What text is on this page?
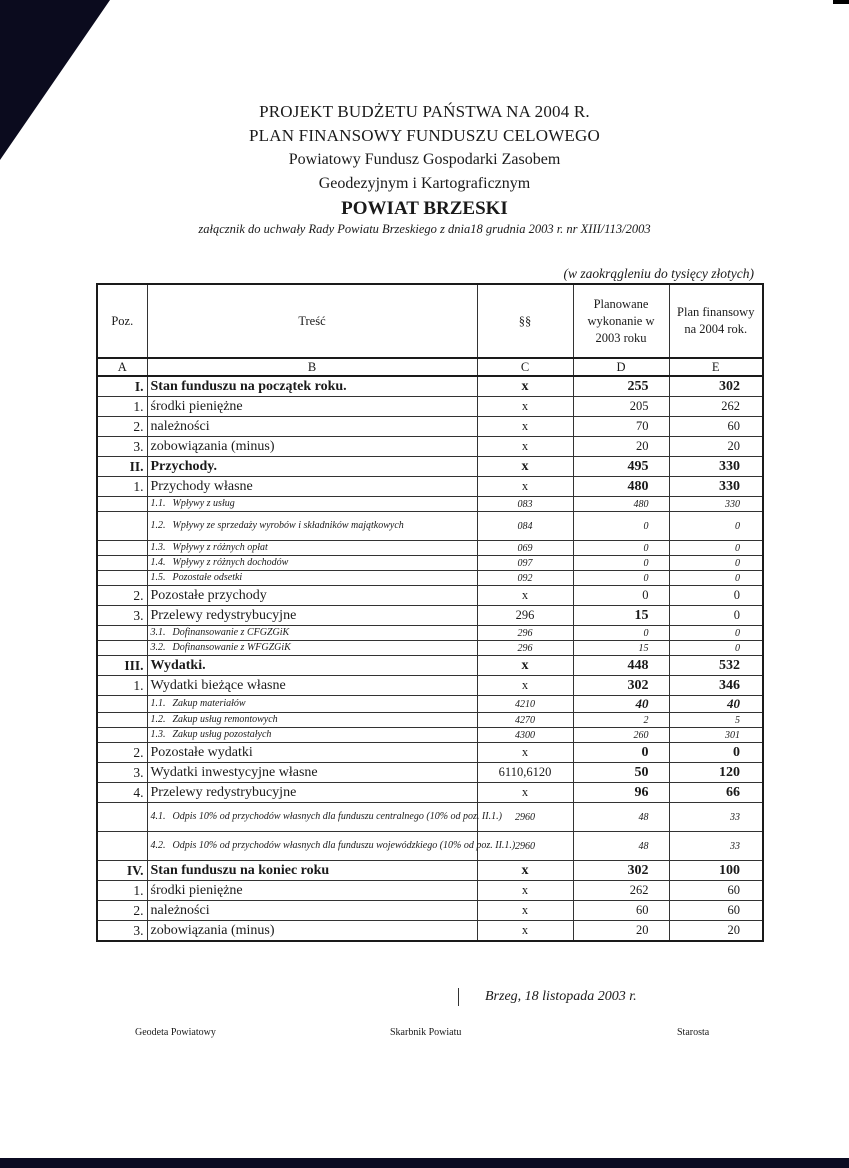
PROJEKT BUDŻETU PAŃSTWA NA 2004 R.
PLAN FINANSOWY FUNDUSZU CELOWEGO
Powiatowy Fundusz Gospodarki Zasobem
Geodezyjnym i Kartograficznym
POWIAT BRZESKI
załącznik do uchwały Rady Powiatu Brzeskiego z dnia18 grudnia 2003 r. nr XIII/113/2003
(w zaokrągleniu do tysięcy złotych)
Poz.	Treść	§§	Planowane wykonanie w 2003 roku	Plan finansowy na 2004 rok.
A	B	C	D	E
I.	Stan funduszu na początek roku.	x	255	302
1.	środki pieniężne	x	205	262
2.	należności	x	70	60
3.	zobowiązania (minus)	x	20	20
II.	Przychody.	x	495	330
1.	Przychody własne	x	480	330
	1.1. Wpływy z usług	083	480	330
	1.2. Wpływy ze sprzedaży wyrobów i składników majątkowych	084	0	0
	1.3. Wpływy z różnych opłat	069	0	0
	1.4. Wpływy z różnych dochodów	097	0	0
	1.5. Pozostałe odsetki	092	0	0
2.	Pozostałe przychody	x	0	0
3.	Przelewy redystrybucyjne	296	15	0
	3.1. Dofinansowanie z CFGZGiK	296	0	0
	3.2. Dofinansowanie z WFGZGiK	296	15	0
III.	Wydatki.	x	448	532
1.	Wydatki bieżące własne	x	302	346
	1.1. Zakup materiałów	4210	40	40
	1.2. Zakup usług remontowych	4270	2	5
	1.3. Zakup usług pozostałych	4300	260	301
2.	Pozostałe wydatki	x	0	0
3.	Wydatki inwestycyjne własne	6110,6120	50	120
4.	Przelewy redystrybucyjne	x	96	66
	4.1. Odpis 10% od przychodów własnych dla funduszu centralnego (10% od poz. II.1.)	2960	48	33
	4.2. Odpis 10% od przychodów własnych dla funduszu wojewódzkiego (10% od poz. II.1.)	2960	48	33
IV.	Stan funduszu na koniec roku	x	302	100
1.	środki pieniężne	x	262	60
2.	należności	x	60	60
3.	zobowiązania (minus)	x	20	20
Brzeg, 18 listopada 2003 r.
Geodeta Powiatowy	Skarbnik Powiatu	Starosta
